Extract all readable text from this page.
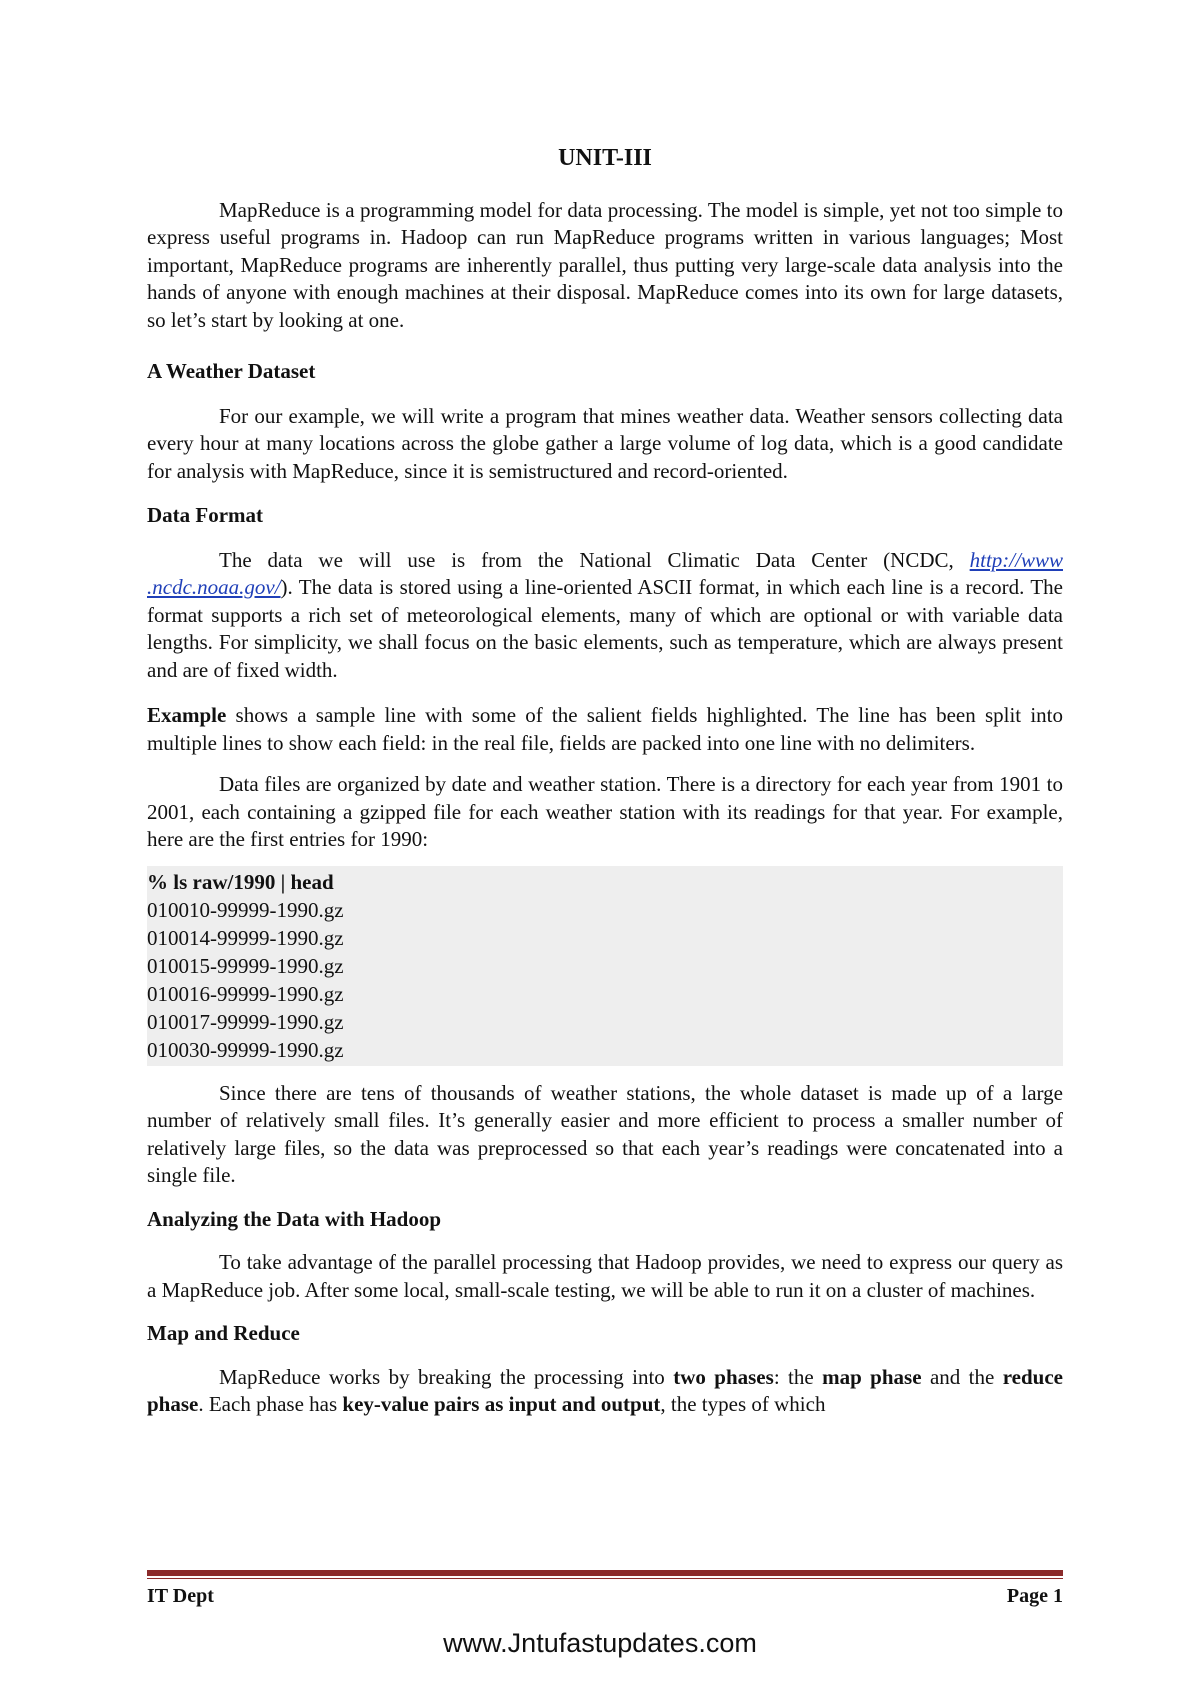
UNIT-III

MapReduce is a programming model for data processing. The model is simple, yet not too simple to express useful programs in. Hadoop can run MapReduce programs written in various languages; Most important, MapReduce programs are inherently parallel, thus putting very large-scale data analysis into the hands of anyone with enough machines at their disposal. MapReduce comes into its own for large datasets, so let’s start by looking at one.

A Weather Dataset

For our example, we will write a program that mines weather data. Weather sensors collecting data every hour at many locations across the globe gather a large volume of log data, which is a good candidate for analysis with MapReduce, since it is semistructured and record-oriented.

Data Format

The data we will use is from the National Climatic Data Center (NCDC, http://www .ncdc.noaa.gov/). The data is stored using a line-oriented ASCII format, in which each line is a record. The format supports a rich set of meteorological elements, many of which are optional or with variable data lengths. For simplicity, we shall focus on the basic elements, such as temperature, which are always present and are of fixed width.

Example shows a sample line with some of the salient fields highlighted. The line has been split into multiple lines to show each field: in the real file, fields are packed into one line with no delimiters.

Data files are organized by date and weather station. There is a directory for each year from 1901 to 2001, each containing a gzipped file for each weather station with its readings for that year. For example, here are the first entries for 1990:

% ls raw/1990 | head
010010-99999-1990.gz
010014-99999-1990.gz
010015-99999-1990.gz
010016-99999-1990.gz
010017-99999-1990.gz
010030-99999-1990.gz

Since there are tens of thousands of weather stations, the whole dataset is made up of a large number of relatively small files. It’s generally easier and more efficient to process a smaller number of relatively large files, so the data was preprocessed so that each year’s readings were concatenated into a single file.

Analyzing the Data with Hadoop

To take advantage of the parallel processing that Hadoop provides, we need to express our query as a MapReduce job. After some local, small-scale testing, we will be able to run it on a cluster of machines.

Map and Reduce

MapReduce works by breaking the processing into two phases: the map phase and the reduce phase. Each phase has key-value pairs as input and output, the types of which

IT Dept	Page 1
www.Jntufastupdates.com
